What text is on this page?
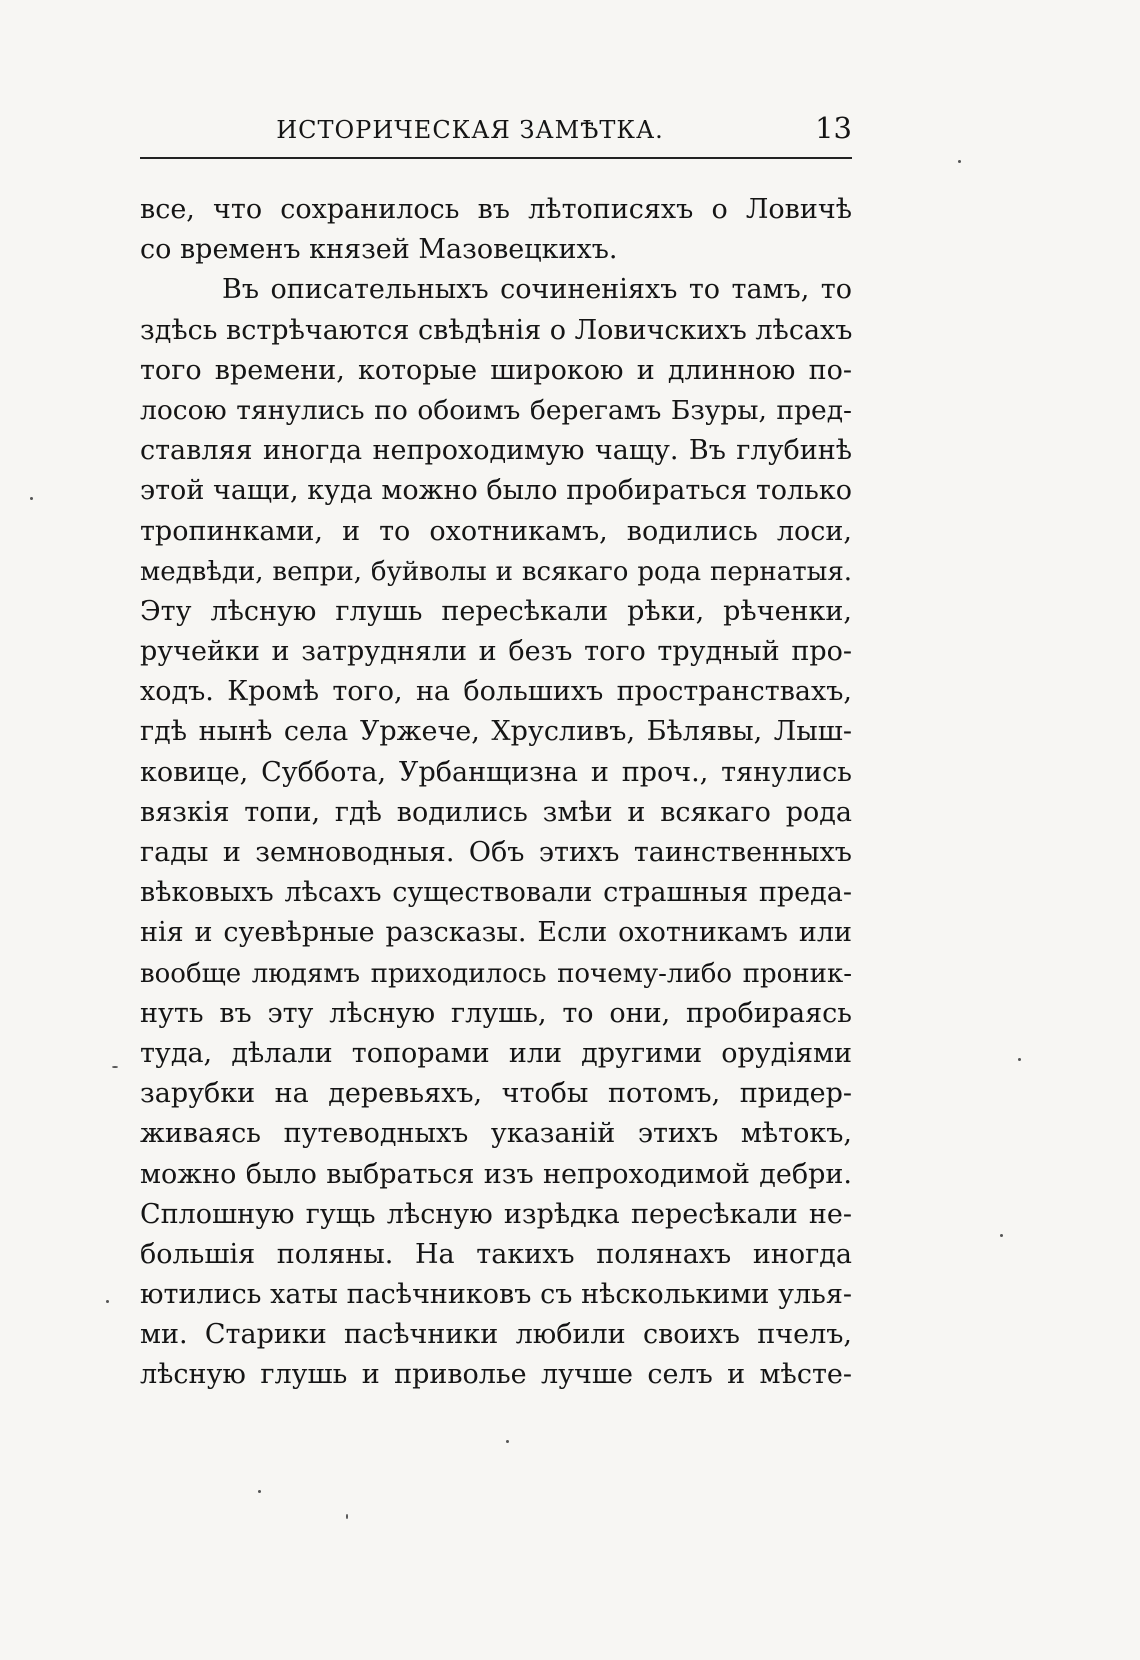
ИСТОРИЧЕСКАЯ ЗАМѢТКА.	13
все, что сохранилось въ лѣтописяхъ о Ловичѣ
со временъ князей Мазовецкихъ.
Въ описательныхъ сочиненіяхъ то тамъ, то
здѣсь встрѣчаются свѣдѣнія о Ловичскихъ лѣсахъ
того времени, которые широкою и длинною по-
лосою тянулись по обоимъ берегамъ Бзуры, пред-
ставляя иногда непроходимую чащу. Въ глубинѣ
этой чащи, куда можно было пробираться только
тропинками, и то охотникамъ, водились лоси,
медвѣди, вепри, буйволы и всякаго рода пернатыя.
Эту лѣсную глушь пересѣкали рѣки, рѣченки,
ручейки и затрудняли и безъ того трудный про-
ходъ. Кромѣ того, на большихъ пространствахъ,
гдѣ нынѣ села Уржече, Хрусливъ, Бѣлявы, Лыш-
ковице, Суббота, Урбанщизна и проч., тянулись
вязкія топи, гдѣ водились змѣи и всякаго рода
гады и земноводныя. Объ этихъ таинственныхъ
вѣковыхъ лѣсахъ существовали страшныя преда-
нія и суевѣрные разсказы. Если охотникамъ или
вообще людямъ приходилось почему-либо проник-
нуть въ эту лѣсную глушь, то они, пробираясь
туда, дѣлали топорами или другими орудіями
зарубки на деревьяхъ, чтобы потомъ, придер-
живаясь путеводныхъ указаній этихъ мѣтокъ,
можно было выбраться изъ непроходимой дебри.
Сплошную гущь лѣсную изрѣдка пересѣкали не-
большія поляны. На такихъ полянахъ иногда
ютились хаты пасѣчниковъ съ нѣсколькими улья-
ми. Старики пасѣчники любили своихъ пчелъ,
лѣсную глушь и приволье лучше селъ и мѣсте-
